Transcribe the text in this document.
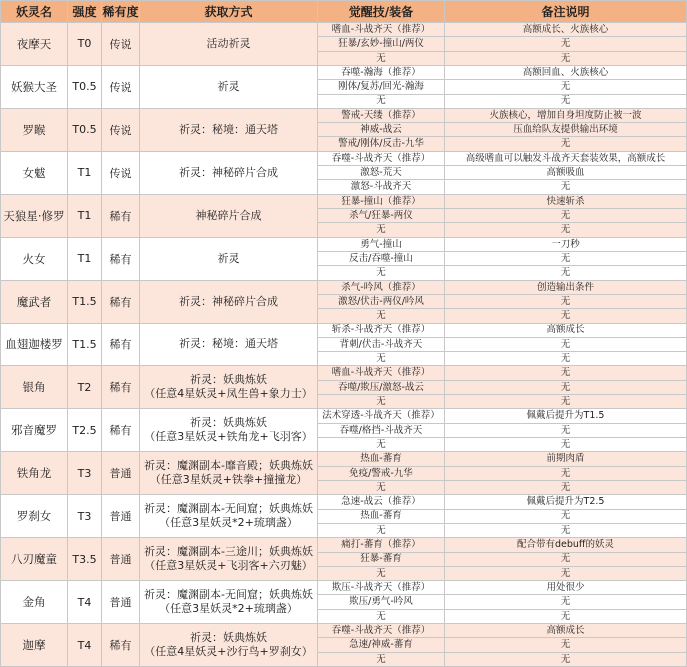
妖灵名 强度 稀有度	获取方式	觉醒技/装备	备注说明
夜摩天 T0 传说	活动祈灵
嗜血-斗战齐天（推荐）	高额成长、火族核心
狂暴/玄妙-撞山/两仪	无
无	无
妖猴大圣 T0.5 传说	祈灵
吞噬-瀚海（推荐）	高额回血、火族核心
刚体/复苏/回光-瀚海	无
无	无
罗睺 T0.5 传说	祈灵：秘境：通天塔
警戒-天缕（推荐）	火族核心，增加自身坦度防止被一波
神威-战云	压血给队友提供输出环境
警戒/刚体/反击-九华	无
女魃	T1 传说	祈灵：神秘碎片合成
吞噬-斗战齐天（推荐）	高级嗜血可以触发斗战齐天套装效果，高额成长
激怒-荒天	高额吸血
激怒-斗战齐天	无
天狼星·修罗 T1 稀有	神秘碎片合成
狂暴-撞山（推荐）	快速斩杀
杀气/狂暴-两仪	无
无	无
火女	T1 稀有	祈灵
勇气-撞山	一刀秒
反击/吞噬-撞山	无
无	无
魔武者 T1.5 稀有	祈灵：神秘碎片合成
杀气-吟风（推荐）	创造输出条件
激怒/伏击-两仪/吟风	无
无	无
血翅迦楼罗 T1.5 稀有	祈灵：秘境：通天塔
斩杀-斗战齐天（推荐）	高额成长
背刺/伏击-斗战齐天	无
无	无
银角	T2 稀有
祈灵：妖典炼妖
（任意4星妖灵+凤生兽+象力士）
嗜血-斗战齐天（推荐）	无
吞噬/欺压/激怒-战云	无
无	无
邪音魔罗 T2.5 稀有
祈灵：妖典炼妖
（任意3星妖灵+铁角龙+飞羽客）
法术穿透-斗战齐天（推荐）	佩戴后提升为T1.5
吞噬/格挡-斗战齐天	无
无	无
铁角龙 T3 普通
祈灵：魔渊副本-靡音殿；妖典炼妖
（任意3星妖灵+铁拳+撞撞龙）
热血-蕃育	前期肉盾
免疫/警戒-九华	无
无	无
罗刹女 T3 普通
祈灵：魔渊副本-无间窟；妖典炼妖
（任意3星妖灵*2+琉璃盏）
急速-战云（推荐）	佩戴后提升为T2.5
热血-蕃育	无
无	无
八刃魔童 T3.5 普通
祈灵：魔渊副本-三途川；妖典炼妖
（任意3星妖灵+飞羽客+六刃魅）
痛打-蕃育（推荐）	配合带有debuff的妖灵
狂暴-蕃育	无
无	无
金角	T4 普通
祈灵：魔渊副本-无间窟；妖典炼妖
（任意3星妖灵*2+琉璃盏）
欺压-斗战齐天（推荐）	用处很少
欺压/勇气-吟风	无
无	无
迦摩	T4 稀有
祈灵：妖典炼妖
（任意4星妖灵+沙行鸟+罗刹女）
吞噬-斗战齐天（推荐）	高额成长
急速/神威-蕃育	无
无	无
